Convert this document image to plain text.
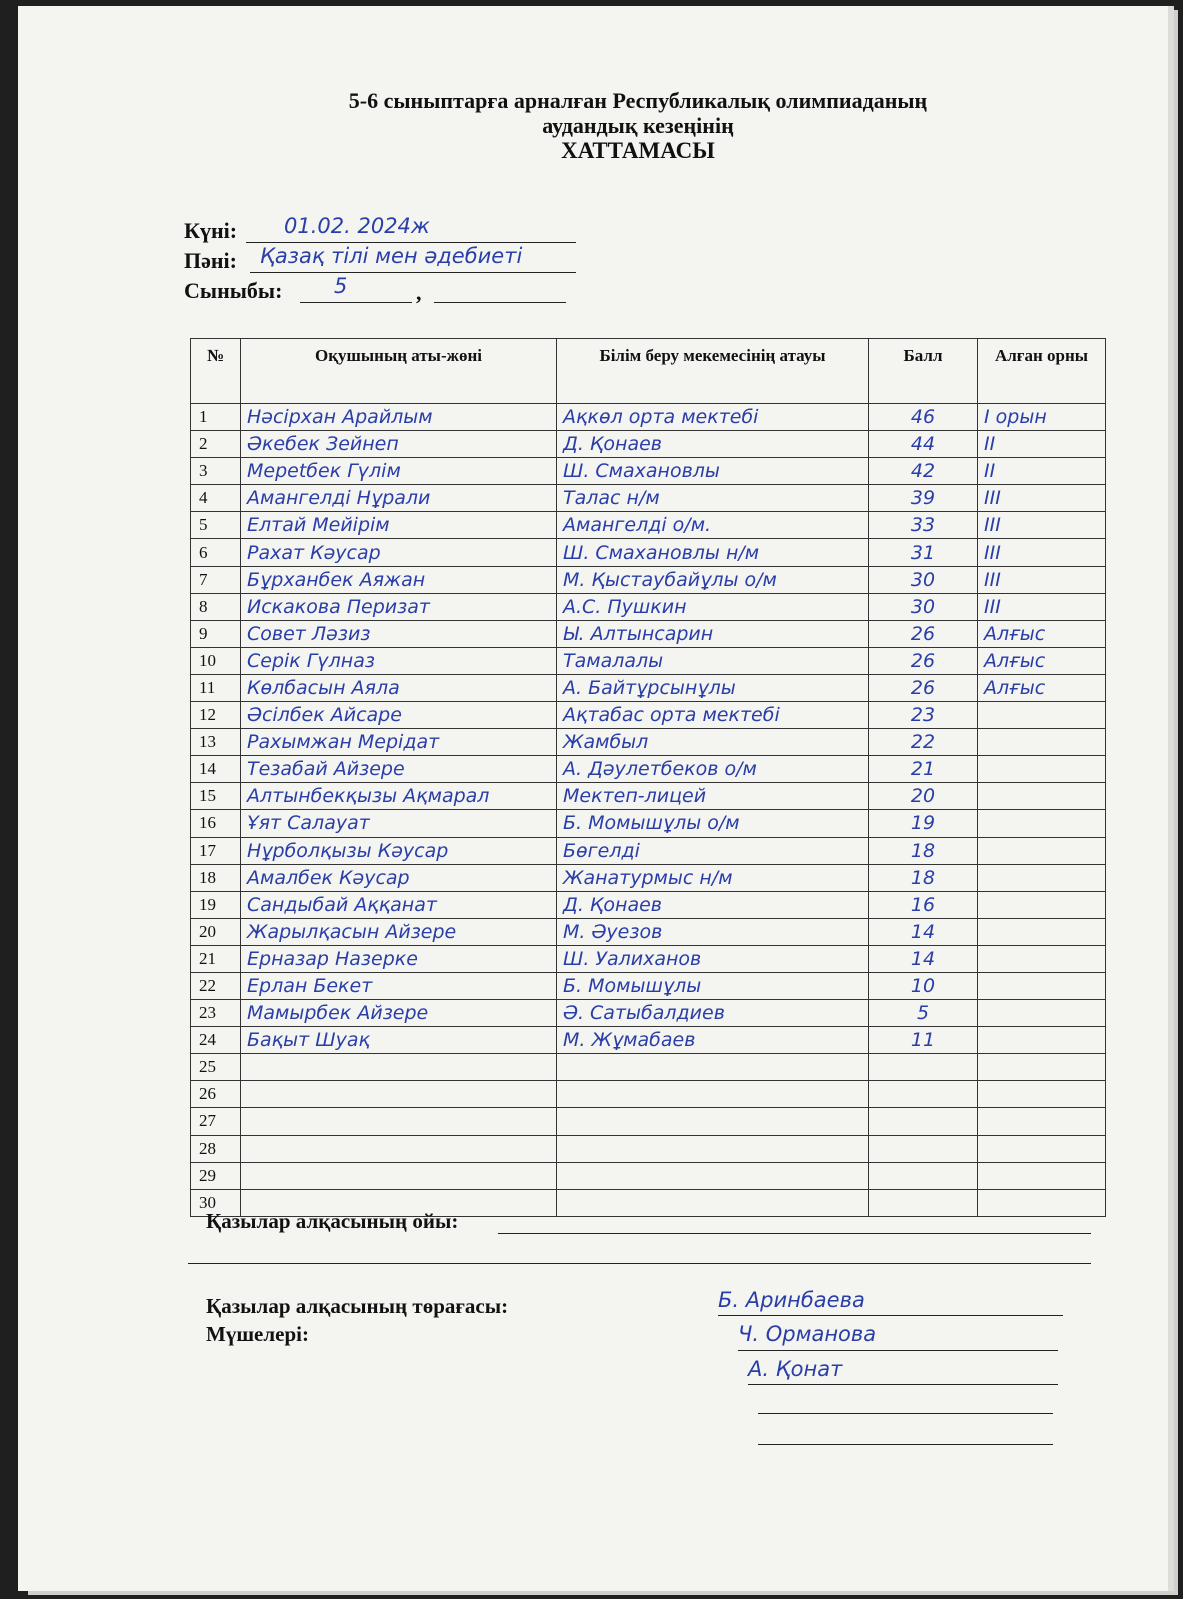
5-6 сыныптарға арналған Республикалық олимпиаданың
аудандық кезеңінің
ХАТТАМАСЫ
Күні: 01.02. 2024ж
Пәні: Қазақ тілі мен әдебиеті
Сыныбы:	,
5
№	Оқушының аты-жөні	Білім беру мекемесінің атауы	Балл	Алған орны
1	Нәсірхан Арайлым	Ақкөл орта мектебі	46	I орын
2	Әкебек Зейнеп	Д. Қонаев	44	II
3	Мереtбек Гүлім	Ш. Смахановлы	42	II
4	Амангелді Нұрали	Талас н/м	39	III
5	Елтай Мейірім	Амангелді о/м.	33	III
6	Рахат Кәусар	Ш. Смахановлы н/м	31	III
7	Бұрханбек Аяжан	М. Қыстаубайұлы о/м	30	III
8	Искакова Перизат	А.С. Пушкин	30	III
9	Совет Ләзиз	Ы. Алтынсарин	26	Алғыс
10	Серік Гүлназ	Тамалалы	26	Алғыс
11	Көлбасын Аяла	А. Байтұрсынұлы	26	Алғыс
12	Әсілбек Айсаре	Ақтабас орта мектебі	23	
13	Рахымжан Мерідат	Жамбыл	22	
14	Тезабай Айзере	А. Дәулетбеков о/м	21	
15	Алтынбекқызы Ақмарал	Мектеп-лицей	20	
16	Ұят Салауат	Б. Момышұлы о/м	19	
17	Нұрболқызы Кәусар	Бөгелді	18	
18	Амалбек Кәусар	Жанатурмыс н/м	18	
19	Сандыбай Аққанат	Д. Қонаев	16	
20	Жарылқасын Айзере	М. Әуезов	14	
21	Ерназар Назерке	Ш. Уалиханов	14	
22	Ерлан Бекет	Б. Момышұлы	10	
23	Мамырбек Айзере	Ә. Сатыбалдиев	5	
24	Бақыт Шуақ	М. Жұмабаев	11	
25				
26				
27				
28				
29				
30				
Қазылар алқасының ойы:
Қазылар алқасының төрағасы:
Мүшелері:
Б. Аринбаева
Ч. Орманова
А. Қонат
